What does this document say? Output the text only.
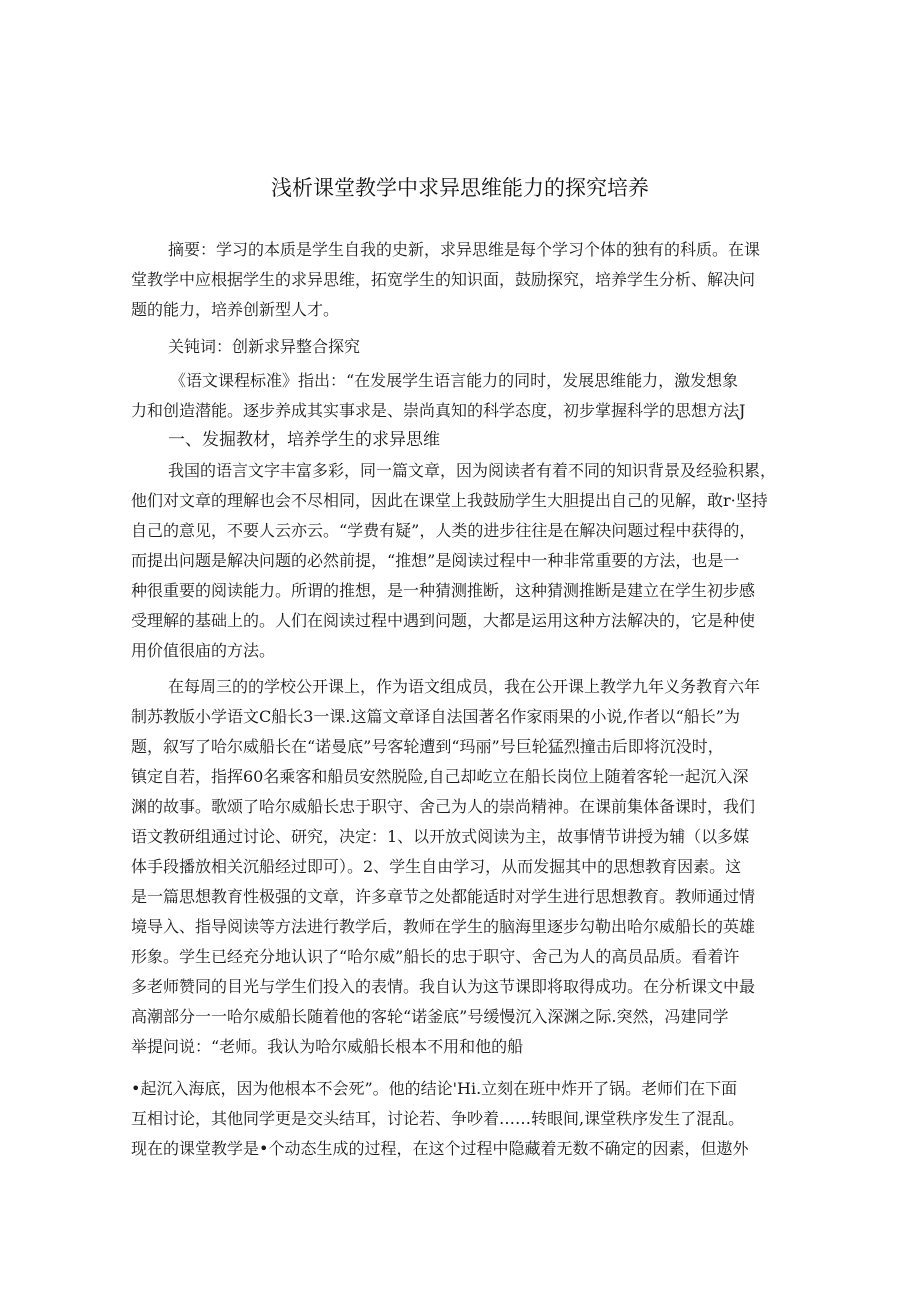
浅析课堂教学中求异思维能力的探究培养
摘要：学习的本质是学生自我的史新，求异思维是每个学习个体的独有的科质。在课
堂教学中应根据学生的求异思维，拓宽学生的知识面，鼓励探究，培养学生分析、解决问
题的能力，培养创新型人才。
关钝词：创新求异整合探究
《语文课程标准》指出：“在发展学生语言能力的同时，发展思维能力，激发想象
力和创造潜能。逐步养成其实事求是、崇尚真知的科学态度，初步掌握科学的思想方法J
一、发掘教材，培养学生的求异思维
我国的语言文字丰富多彩，同一篇文章，因为阅读者有着不同的知识背景及经验积累，
他们对文章的理解也会不尽相同，因此在课堂上我鼓励学生大胆提出自己的见解，敢r·坚持
自己的意见，不要人云亦云。“学费有疑”，人类的进步往往是在解决问题过程中获得的，
而提出问题是解决问题的必然前提，“推想”是阅读过程中一种非常重要的方法，也是一
种很重要的阅读能力。所谓的推想，是一种猜测推断，这种猜测推断是建立在学生初步感
受理解的基础上的。人们在阅读过程中遇到问题，大都是运用这种方法解决的，它是种使
用价值很庙的方法。
在每周三的的学校公开课上，作为语文组成员，我在公开课上教学九年义务教育六年
制苏教版小学语文C船长3一课.这篇文章译自法国著名作家雨果的小说,作者以“船长”为
题，叙写了哈尔威船长在“诺曼底”号客轮遭到“玛丽”号巨轮猛烈撞击后即将沉没时，
镇定自若，指挥60名乘客和船员安然脱险,自己却屹立在船长岗位上随着客轮一起沉入深
渊的故事。歌颂了哈尔威船长忠于职守、舍己为人的崇尚精神。在课前集体备课时，我们
语文教研组通过讨论、研究，决定：1、以开放式阅读为主，故事情节讲授为辅（以多媒
体手段播放相关沉船经过即可）。2、学生自由学习，从而发掘其中的思想教育因素。这
是一篇思想教育性极强的文章，许多章节之处都能适时对学生进行思想教育。教师通过情
境导入、指导阅读等方法进行教学后，教师在学生的脑海里逐步勾勒出哈尔威船长的英雄
形象。学生已经充分地认识了“哈尔威”船长的忠于职守、舍己为人的高员品质。看着许
多老师赞同的目光与学生们投入的表情。我自认为这节课即将取得成功。在分析课文中最
高潮部分一一哈尔威船长随着他的客轮“诺釜底”号缓慢沉入深渊之际.突然，冯建同学
举提问说：“老师。我认为哈尔威船长根本不用和他的船
•起沉入海底，因为他根本不会死”。他的结论'Hi.立刻在班中炸开了锅。老师们在下面
互相讨论，其他同学更是交头结耳，讨论若、争吵着……转眼间,课堂秩序发生了混乱。
现在的课堂教学是•个动态生成的过程，在这个过程中隐藏着无数不确定的因素，但遨外
